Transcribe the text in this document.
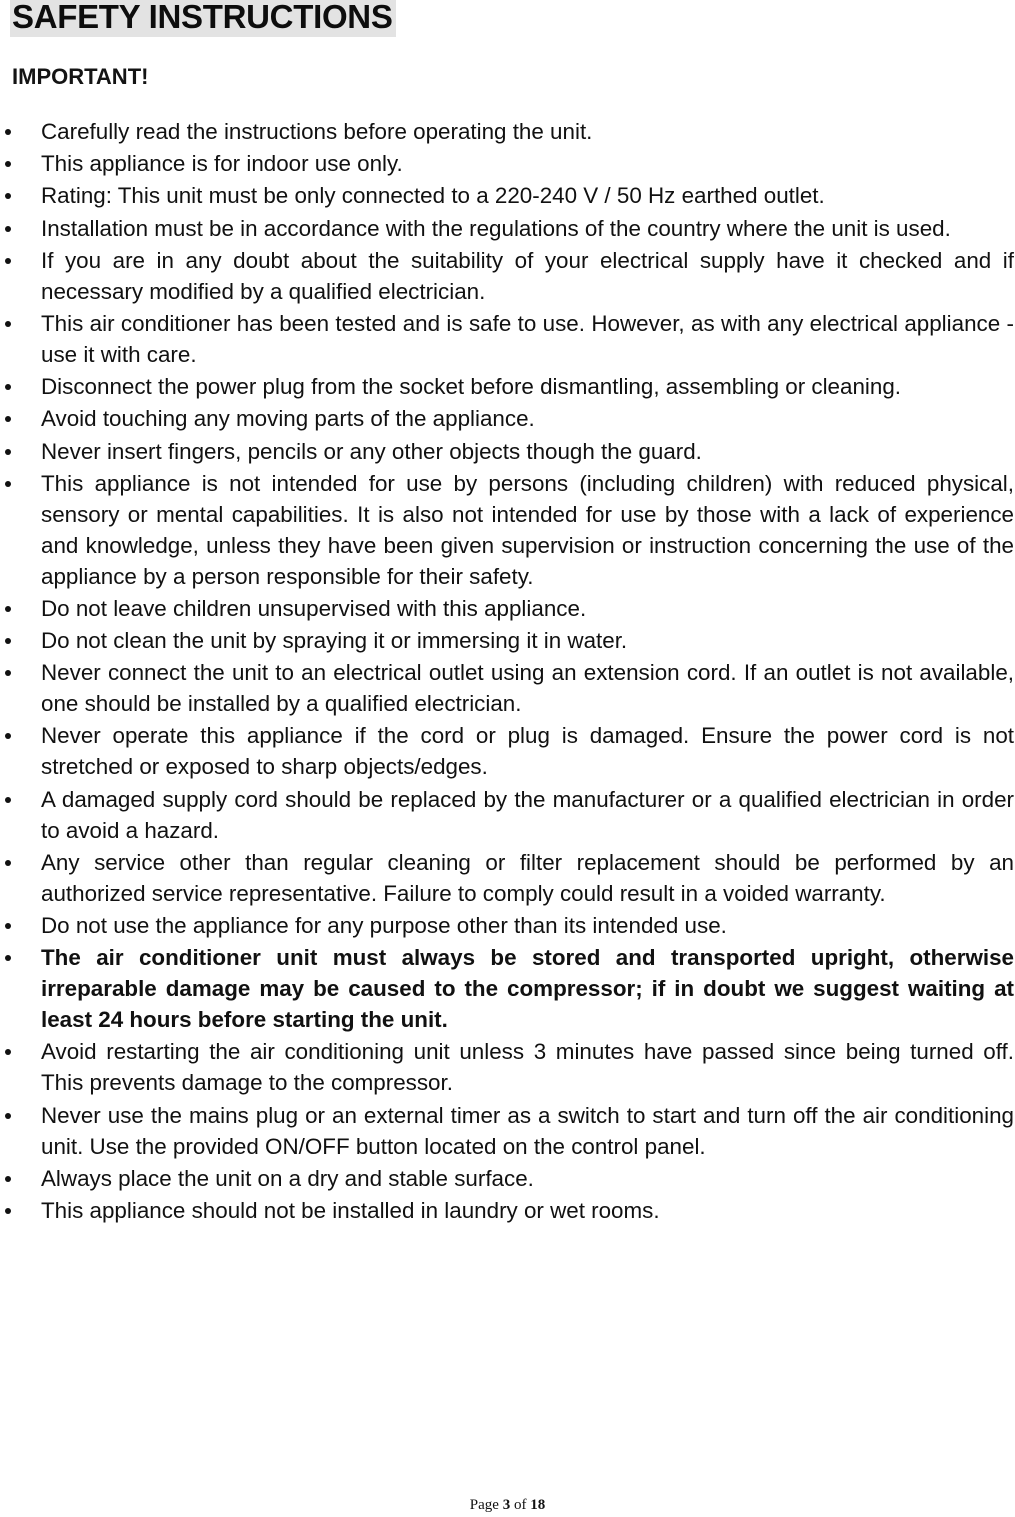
SAFETY INSTRUCTIONS
IMPORTANT!
Carefully read the instructions before operating the unit.
This appliance is for indoor use only.
Rating: This unit must be only connected to a 220-240 V / 50 Hz earthed outlet.
Installation must be in accordance with the regulations of the country where the unit is used.
If you are in any doubt about the suitability of your electrical supply have it checked and if necessary modified by a qualified electrician.
This air conditioner has been tested and is safe to use. However, as with any electrical appliance - use it with care.
Disconnect the power plug from the socket before dismantling, assembling or cleaning.
Avoid touching any moving parts of the appliance.
Never insert fingers, pencils or any other objects though the guard.
This appliance is not intended for use by persons (including children) with reduced physical, sensory or mental capabilities. It is also not intended for use by those with a lack of experience and knowledge, unless they have been given supervision or instruction concerning the use of the appliance by a person responsible for their safety.
Do not leave children unsupervised with this appliance.
Do not clean the unit by spraying it or immersing it in water.
Never connect the unit to an electrical outlet using an extension cord. If an outlet is not available, one should be installed by a qualified electrician.
Never operate this appliance if the cord or plug is damaged. Ensure the power cord is not stretched or exposed to sharp objects/edges.
A damaged supply cord should be replaced by the manufacturer or a qualified electrician in order to avoid a hazard.
Any service other than regular cleaning or filter replacement should be performed by an authorized service representative. Failure to comply could result in a voided warranty.
Do not use the appliance for any purpose other than its intended use.
The air conditioner unit must always be stored and transported upright, otherwise irreparable damage may be caused to the compressor; if in doubt we suggest waiting at least 24 hours before starting the unit.
Avoid restarting the air conditioning unit unless 3 minutes have passed since being turned off. This prevents damage to the compressor.
Never use the mains plug or an external timer as a switch to start and turn off the air conditioning unit. Use the provided ON/OFF button located on the control panel.
Always place the unit on a dry and stable surface.
This appliance should not be installed in laundry or wet rooms.
Page 3 of 18
